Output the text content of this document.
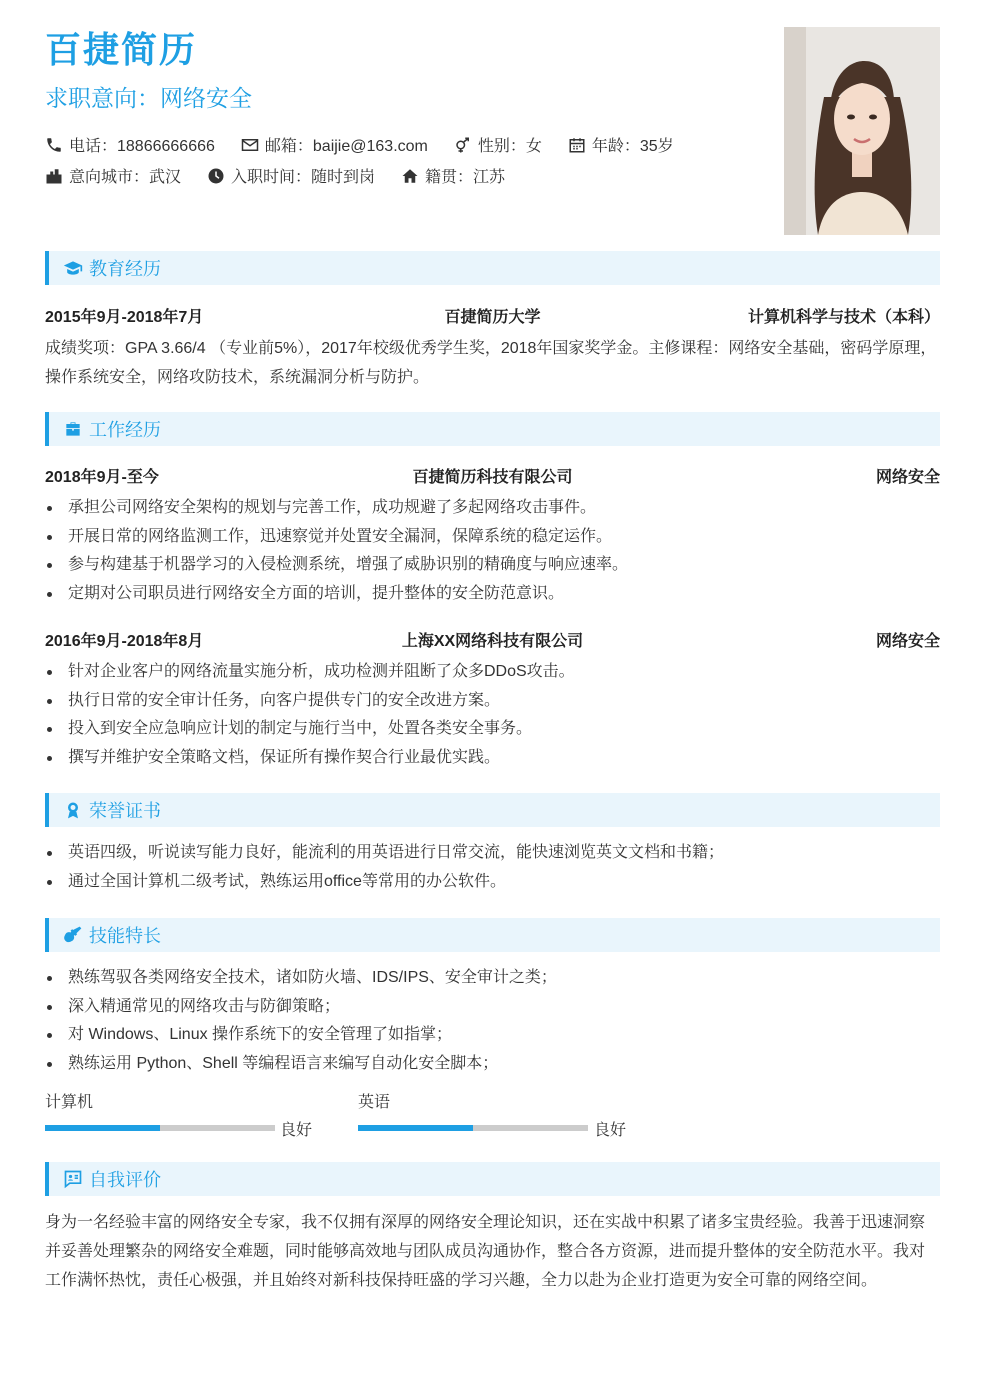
百捷简历
求职意向：网络安全
电话：18866666666	邮箱：baijie@163.com	性别：女	年龄：35岁
意向城市：武汉	入职时间：随时到岗	籍贯：江苏
教育经历
2015年9月-2018年7月	百捷简历大学	计算机科学与技术（本科）
成绩奖项：GPA 3.66/4 （专业前5%），2017年校级优秀学生奖，2018年国家奖学金。主修课程：网络安全基础，密码学原理，操作系统安全，网络攻防技术，系统漏洞分析与防护。
工作经历
2018年9月-至今	百捷简历科技有限公司	网络安全
承担公司网络安全架构的规划与完善工作，成功规避了多起网络攻击事件。
开展日常的网络监测工作，迅速察觉并处置安全漏洞，保障系统的稳定运作。
参与构建基于机器学习的入侵检测系统，增强了威胁识别的精确度与响应速率。
定期对公司职员进行网络安全方面的培训，提升整体的安全防范意识。
2016年9月-2018年8月	上海XX网络科技有限公司	网络安全
针对企业客户的网络流量实施分析，成功检测并阻断了众多DDoS攻击。
执行日常的安全审计任务，向客户提供专门的安全改进方案。
投入到安全应急响应计划的制定与施行当中，处置各类安全事务。
撰写并维护安全策略文档，保证所有操作契合行业最优实践。
荣誉证书
英语四级，听说读写能力良好，能流利的用英语进行日常交流，能快速浏览英文文档和书籍；
通过全国计算机二级考试，熟练运用office等常用的办公软件。
技能特长
熟练驾驭各类网络安全技术，诸如防火墙、IDS/IPS、安全审计之类；
深入精通常见的网络攻击与防御策略；
对 Windows、Linux 操作系统下的安全管理了如指掌；
熟练运用 Python、Shell 等编程语言来编写自动化安全脚本；
计算机
良好
英语
良好
自我评价
身为一名经验丰富的网络安全专家，我不仅拥有深厚的网络安全理论知识，还在实战中积累了诸多宝贵经验。我善于迅速洞察并妥善处理繁杂的网络安全难题，同时能够高效地与团队成员沟通协作，整合各方资源，进而提升整体的安全防范水平。我对工作满怀热忱，责任心极强，并且始终对新科技保持旺盛的学习兴趣，全力以赴为企业打造更为安全可靠的网络空间。
